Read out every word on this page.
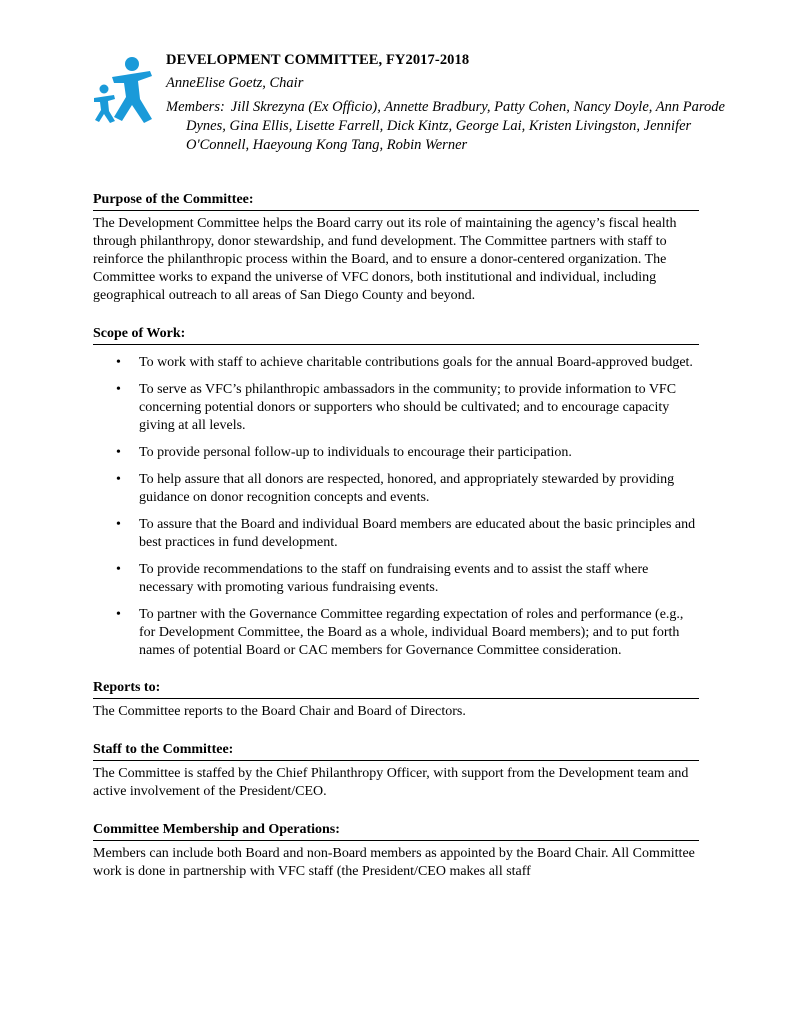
DEVELOPMENT COMMITTEE, FY2017-2018

AnneElise Goetz, Chair

Members: Jill Skrezyna (Ex Officio), Annette Bradbury, Patty Cohen, Nancy Doyle, Ann Parode Dynes, Gina Ellis, Lisette Farrell, Dick Kintz, George Lai, Kristen Livingston, Jennifer O'Connell, Haeyoung Kong Tang, Robin Werner

Purpose of the Committee:

The Development Committee helps the Board carry out its role of maintaining the agency’s fiscal health through philanthropy, donor stewardship, and fund development. The Committee partners with staff to reinforce the philanthropic process within the Board, and to ensure a donor-centered organization. The Committee works to expand the universe of VFC donors, both institutional and individual, including geographical outreach to all areas of San Diego County and beyond.

Scope of Work:
• To work with staff to achieve charitable contributions goals for the annual Board-approved budget.
• To serve as VFC’s philanthropic ambassadors in the community; to provide information to VFC concerning potential donors or supporters who should be cultivated; and to encourage capacity giving at all levels.
• To provide personal follow-up to individuals to encourage their participation.
• To help assure that all donors are respected, honored, and appropriately stewarded by providing guidance on donor recognition concepts and events.
• To assure that the Board and individual Board members are educated about the basic principles and best practices in fund development.
• To provide recommendations to the staff on fundraising events and to assist the staff where necessary with promoting various fundraising events.
• To partner with the Governance Committee regarding expectation of roles and performance (e.g., for Development Committee, the Board as a whole, individual Board members); and to put forth names of potential Board or CAC members for Governance Committee consideration.
Reports to:

The Committee reports to the Board Chair and Board of Directors.

Staff to the Committee:

The Committee is staffed by the Chief Philanthropy Officer, with support from the Development team and active involvement of the President/CEO.

Committee Membership and Operations:

Members can include both Board and non-Board members as appointed by the Board Chair. All Committee work is done in partnership with VFC staff (the President/CEO makes all staff
